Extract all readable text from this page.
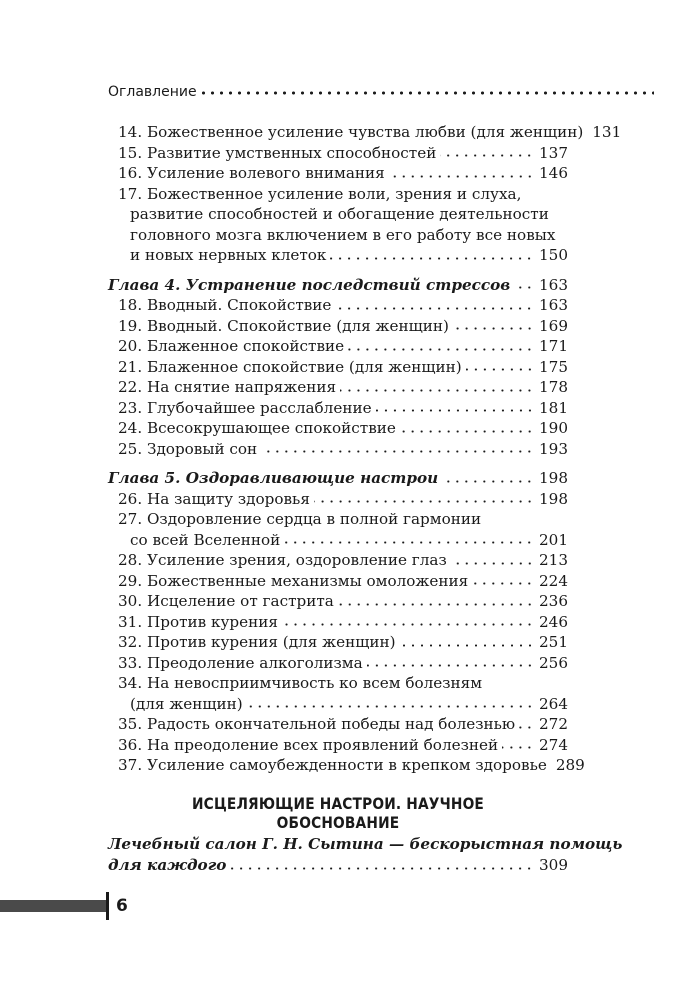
Оглавление
14. Божественное усиление чувства любви (для женщин) 131
15. Развитие умственных способностей	137
16. Усиление волевого внимания	146
17. Божественное усиление воли, зрения и слуха,
развитие способностей и обогащение деятельности
головного мозга включением в его работу все новых
и новых нервных клеток	150
Глава 4. Устранение последствий стрессов 163
18. Вводный. Спокойствие	163
19. Вводный. Спокойствие (для женщин)	169
20. Блаженное спокойствие	171
21. Блаженное спокойствие (для женщин)	175
22. На снятие напряжения	178
23. Глубочайшее расслабление	181
24. Всесокрушающее спокойствие	190
25. Здоровый сон	193
Глава 5. Оздоравливающие настрои	198
26. На защиту здоровья	198
27. Оздоровление сердца в полной гармонии
со всей Вселенной	201
28. Усиление зрения, оздоровление глаз	213
29. Божественные механизмы омоложения	224
30. Исцеление от гастрита	236
31. Против курения	246
32. Против курения (для женщин)	251
33. Преодоление алкоголизма	256
34. На невосприимчивость ко всем болезням
(для женщин)	264
35. Радость окончательной победы над болезнью 272
36. На преодоление всех проявлений болезней	274
37. Усиление самоубежденности в крепком здоровье 289
ИСЦЕЛЯЮЩИЕ НАСТРОИ. НАУЧНОЕ ОБОСНОВАНИЕ
Лечебный салон Г. Н. Сытина — бескорыстная помощь
для каждого	309
6
